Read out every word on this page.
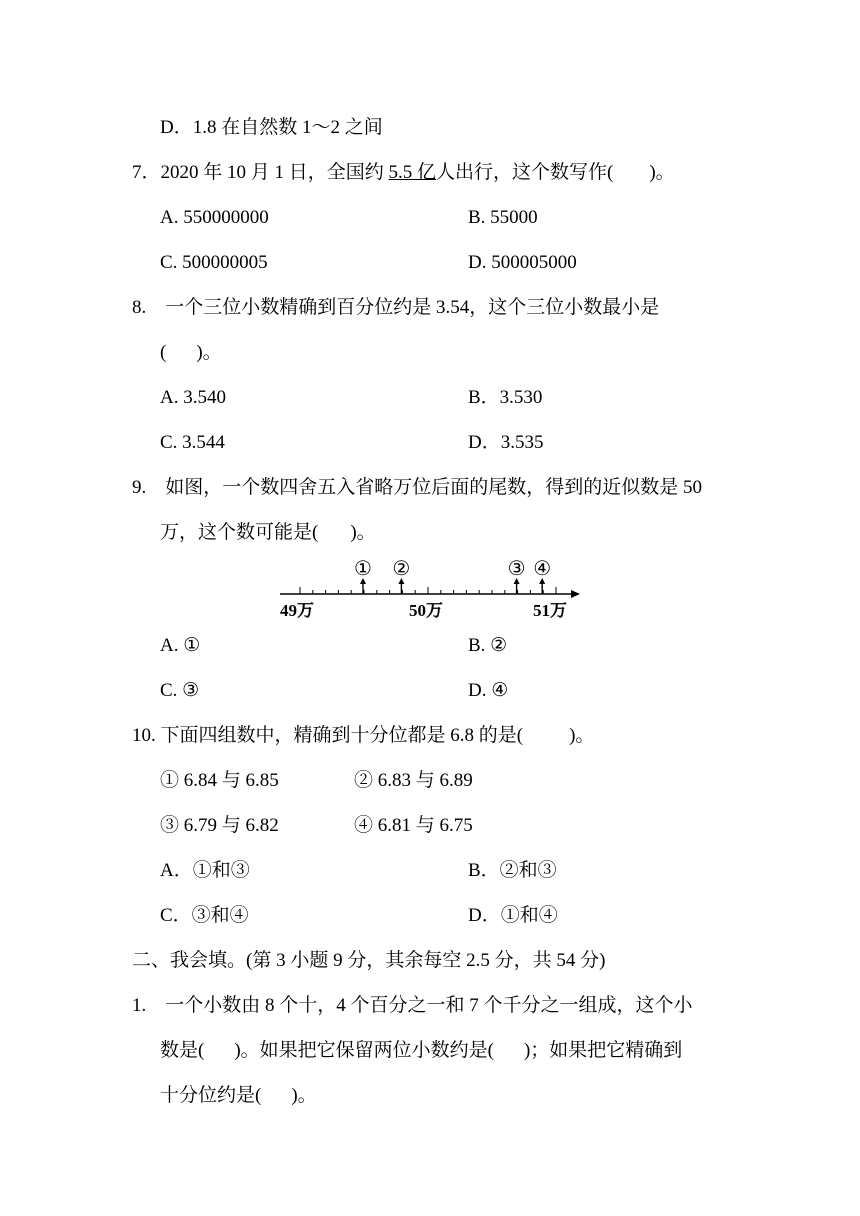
D．1.8 在自然数 1～2 之间
7．2020 年 10 月 1 日，全国约 5.5 亿人出行，这个数写作( )。
A. 550000000	B. 55000
C. 500000005	D. 500005000
8.　一个三位小数精确到百分位约是 3.54，这个三位小数最小是
( )。
A. 3.540	B．3.530
C. 3.544	D．3.535
9.　如图，一个数四舍五入省略万位后面的尾数，得到的近似数是 50
万，这个数可能是( )。
49万	50万	51万
① ②	③ ④
A. ①	B. ②
C. ③	D. ④
10. 下面四组数中，精确到十分位都是 6.8 的是( )。
① 6.84 与 6.85	② 6.83 与 6.89
③ 6.79 与 6.82	④ 6.81 与 6.75
A．①和③	B．②和③
C．③和④	D．①和④
二、我会填。(第 3 小题 9 分，其余每空 2.5 分，共 54 分)
1.　一个小数由 8 个十，4 个百分之一和 7 个千分之一组成，这个小
数是( )。如果把它保留两位小数约是( )；如果把它精确到
十分位约是( )。
